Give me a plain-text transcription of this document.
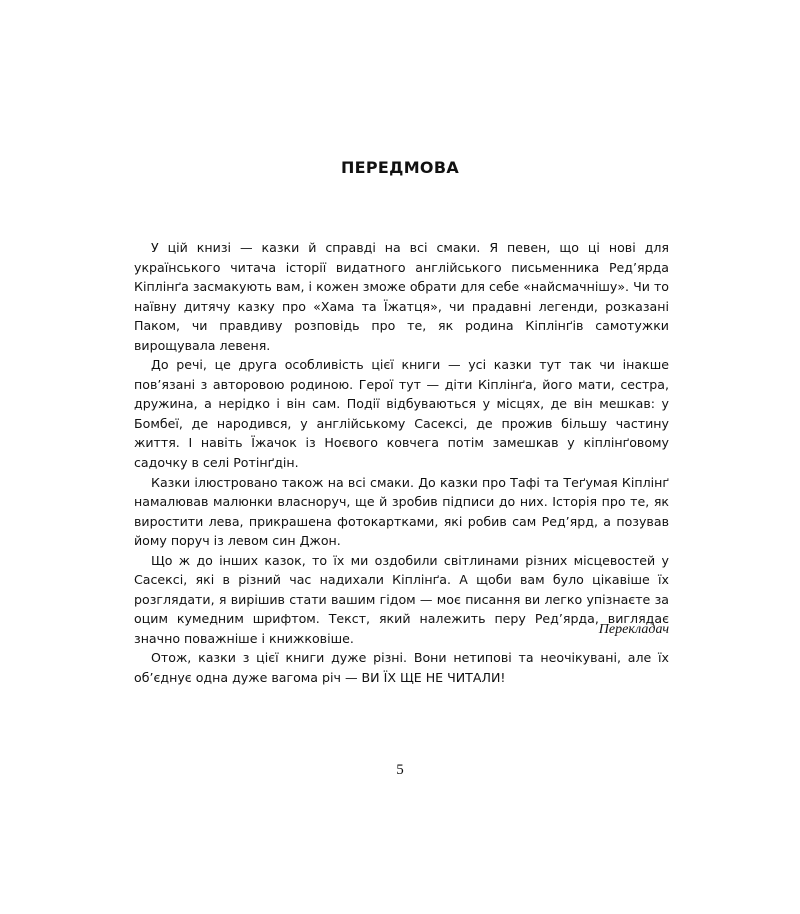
ПЕРЕДМОВА

У цій книзі — казки й справді на всі смаки. Я певен, що ці нові для українського читача історії видатного англійського письменника Ред’ярда Кіплінґа засмакують вам, і кожен зможе обрати для себе «найсмачнішу». Чи то наївну дитячу казку про «Хама та Їжатця», чи прадавні легенди, розказані Паком, чи правдиву розповідь про те, як родина Кіплінґів самотужки вирощувала левеня.

До речі, це друга особливість цієї книги — усі казки тут так чи інакше пов’язані з авторовою родиною. Герої тут — діти Кіплінґа, його мати, сестра, дружина, а нерідко і він сам. Події відбуваються у місцях, де він мешкав: у Бомбеї, де народився, у англійському Сасексі, де прожив більшу частину життя. І навіть Їжачок із Ноєвого ковчега потім замешкав у кіплінґовому садочку в селі Ротінґдін.

Казки ілюстровано також на всі смаки. До казки про Тафі та Теґумая Кіплінґ намалював малюнки власноруч, ще й зробив підписи до них. Історія про те, як виростити лева, прикрашена фотокартками, які робив сам Ред’ярд, а позував йому поруч із левом син Джон.

Що ж до інших казок, то їх ми оздобили світлинами різних місцевостей у Сасексі, які в різний час надихали Кіплінґа. А щоби вам було цікавіше їх розглядати, я вирішив стати вашим гідом — моє писання ви легко упізнаєте за оцим кумедним шрифтом. Текст, який належить перу Ред’ярда, виглядає значно поважніше і книжковіше.

Отож, казки з цієї книги дуже різні. Вони нетипові та неочікувані, але їх об’єднує одна дуже вагома річ — ВИ ЇХ ЩЕ НЕ ЧИТАЛИ!

Перекладач
5
